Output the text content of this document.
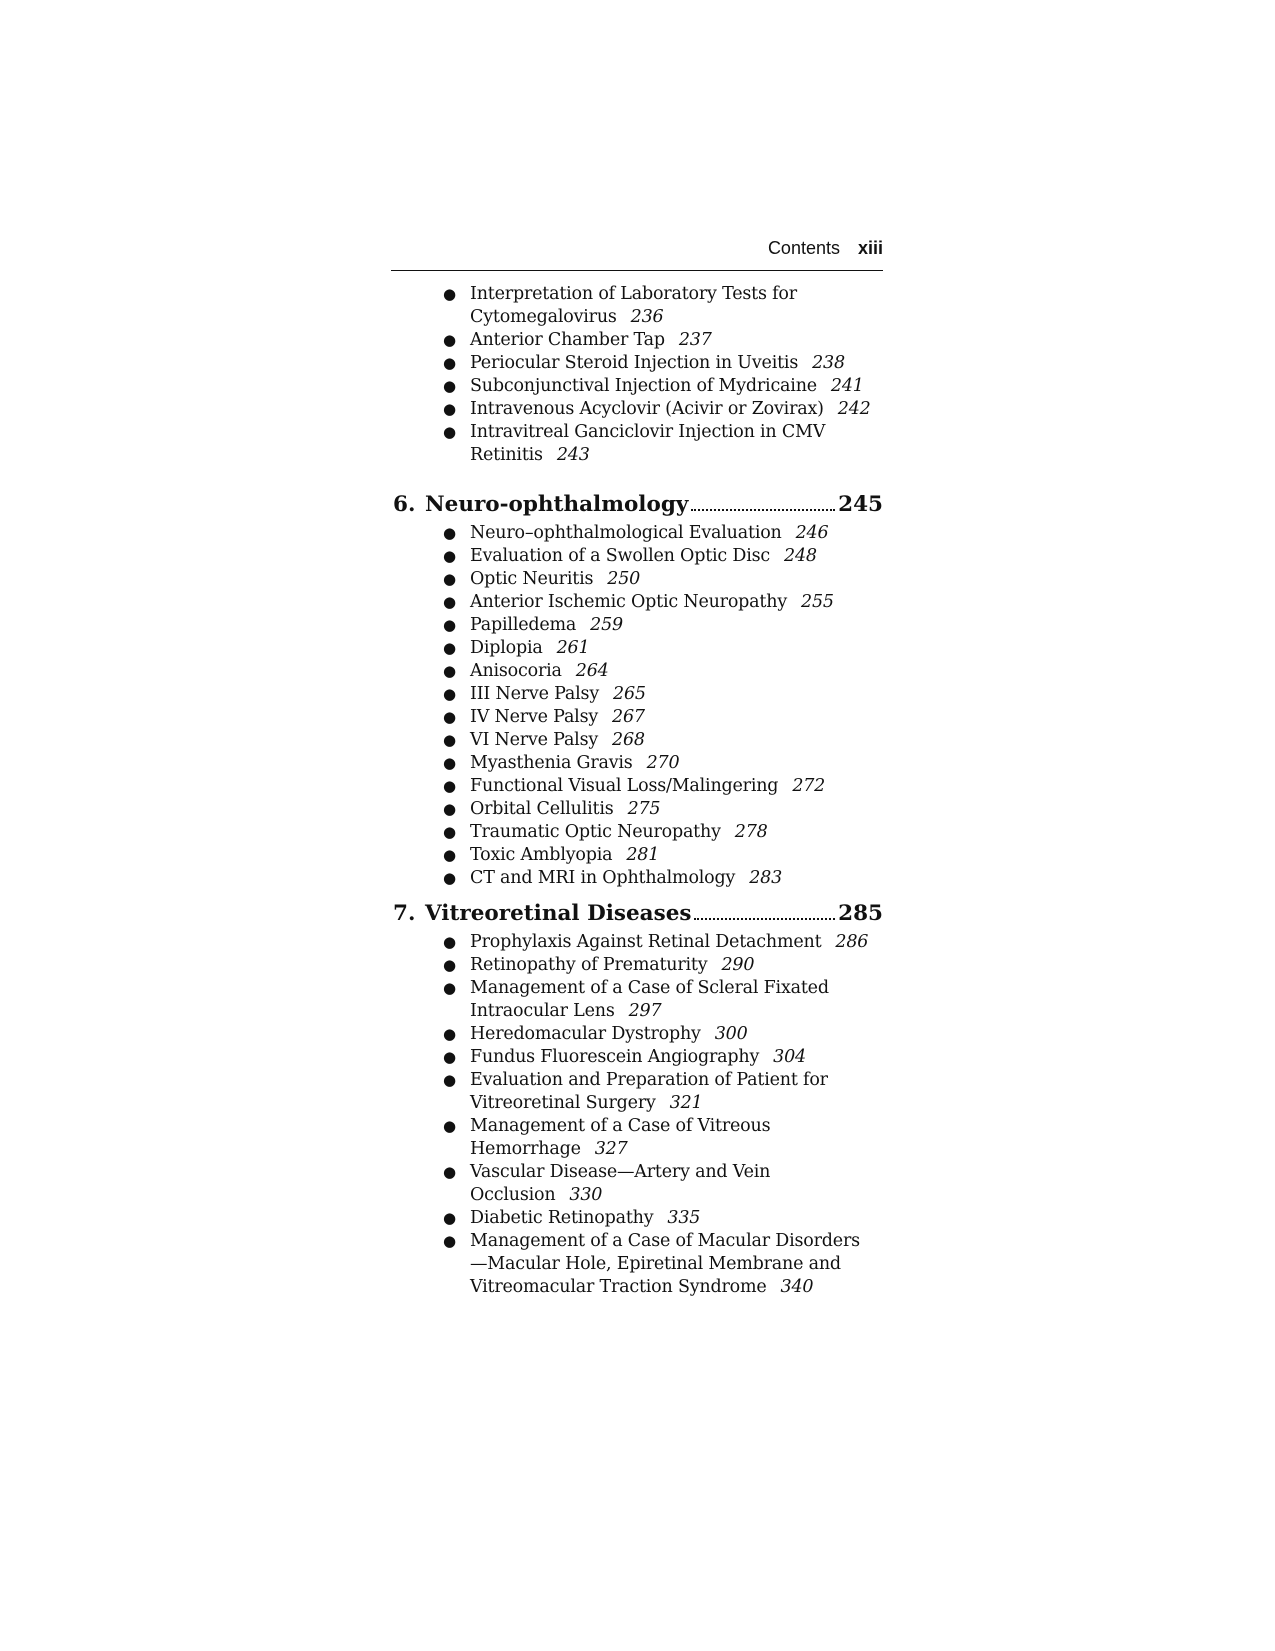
Contents xiii
● Interpretation of Laboratory Tests for Cytomegalovirus 236
● Anterior Chamber Tap 237
● Periocular Steroid Injection in Uveitis 238
● Subconjunctival Injection of Mydricaine 241
● Intravenous Acyclovir (Acivir or Zovirax) 242
● Intravitreal Ganciclovir Injection in CMV Retinitis 243
6. Neuro-ophthalmology	245
● Neuro–ophthalmological Evaluation 246
● Evaluation of a Swollen Optic Disc 248
● Optic Neuritis 250
● Anterior Ischemic Optic Neuropathy 255
● Papilledema 259
● Diplopia 261
● Anisocoria 264
● III Nerve Palsy 265
● IV Nerve Palsy 267
● VI Nerve Palsy 268
● Myasthenia Gravis 270
● Functional Visual Loss/Malingering 272
● Orbital Cellulitis 275
● Traumatic Optic Neuropathy 278
● Toxic Amblyopia 281
● CT and MRI in Ophthalmology 283
7. Vitreoretinal Diseases	285
● Prophylaxis Against Retinal Detachment 286
● Retinopathy of Prematurity 290
● Management of a Case of Scleral Fixated Intraocular Lens 297
● Heredomacular Dystrophy 300
● Fundus Fluorescein Angiography 304
● Evaluation and Preparation of Patient for Vitreoretinal Surgery 321
● Management of a Case of Vitreous Hemorrhage 327
● Vascular Disease—Artery and Vein Occlusion 330
● Diabetic Retinopathy 335
● Management of a Case of Macular Disorders—Macular Hole, Epiretinal Membrane and Vitreomacular Traction Syndrome 340
